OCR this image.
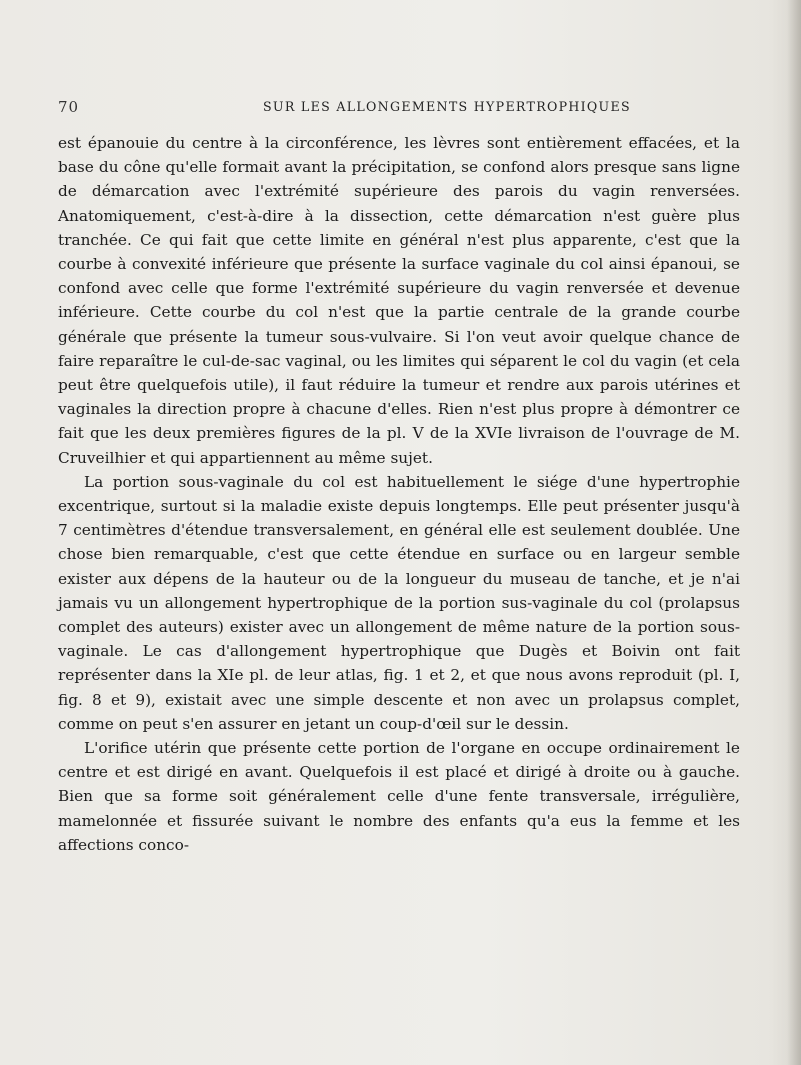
70	SUR LES ALLONGEMENTS HYPERTROPHIQUES

est épanouie du centre à la circonférence, les lèvres sont entièrement effacées, et la base du cône qu'elle formait avant la précipitation, se confond alors presque sans ligne de démarcation avec l'extrémité supérieure des parois du vagin renversées. Anatomiquement, c'est-à-dire à la dissection, cette démarcation n'est guère plus tranchée. Ce qui fait que cette limite en général n'est plus apparente, c'est que la courbe à convexité inférieure que présente la surface vaginale du col ainsi épanoui, se confond avec celle que forme l'extrémité supérieure du vagin renversée et devenue inférieure. Cette courbe du col n'est que la partie centrale de la grande courbe générale que présente la tumeur sous-vulvaire. Si l'on veut avoir quelque chance de faire reparaître le cul-de-sac vaginal, ou les limites qui séparent le col du vagin (et cela peut être quelquefois utile), il faut réduire la tumeur et rendre aux parois utérines et vaginales la direction propre à chacune d'elles. Rien n'est plus propre à démontrer ce fait que les deux premières figures de la pl. V de la XVIe livraison de l'ouvrage de M. Cruveilhier et qui appartiennent au même sujet.

La portion sous-vaginale du col est habituellement le siége d'une hypertrophie excentrique, surtout si la maladie existe depuis longtemps. Elle peut présenter jusqu'à 7 centimètres d'étendue transversalement, en général elle est seulement doublée. Une chose bien remarquable, c'est que cette étendue en surface ou en largeur semble exister aux dépens de la hauteur ou de la longueur du museau de tanche, et je n'ai jamais vu un allongement hypertrophique de la portion sus-vaginale du col (prolapsus complet des auteurs) exister avec un allongement de même nature de la portion sous-vaginale. Le cas d'allongement hypertrophique que Dugès et Boivin ont fait représenter dans la XIe pl. de leur atlas, fig. 1 et 2, et que nous avons reproduit (pl. I, fig. 8 et 9), existait avec une simple descente et non avec un prolapsus complet, comme on peut s'en assurer en jetant un coup-d'œil sur le dessin.

L'orifice utérin que présente cette portion de l'organe en occupe ordinairement le centre et est dirigé en avant. Quelquefois il est placé et dirigé à droite ou à gauche. Bien que sa forme soit généralement celle d'une fente transversale, irrégulière, mamelonnée et fissurée suivant le nombre des enfants qu'a eus la femme et les affections conco-
